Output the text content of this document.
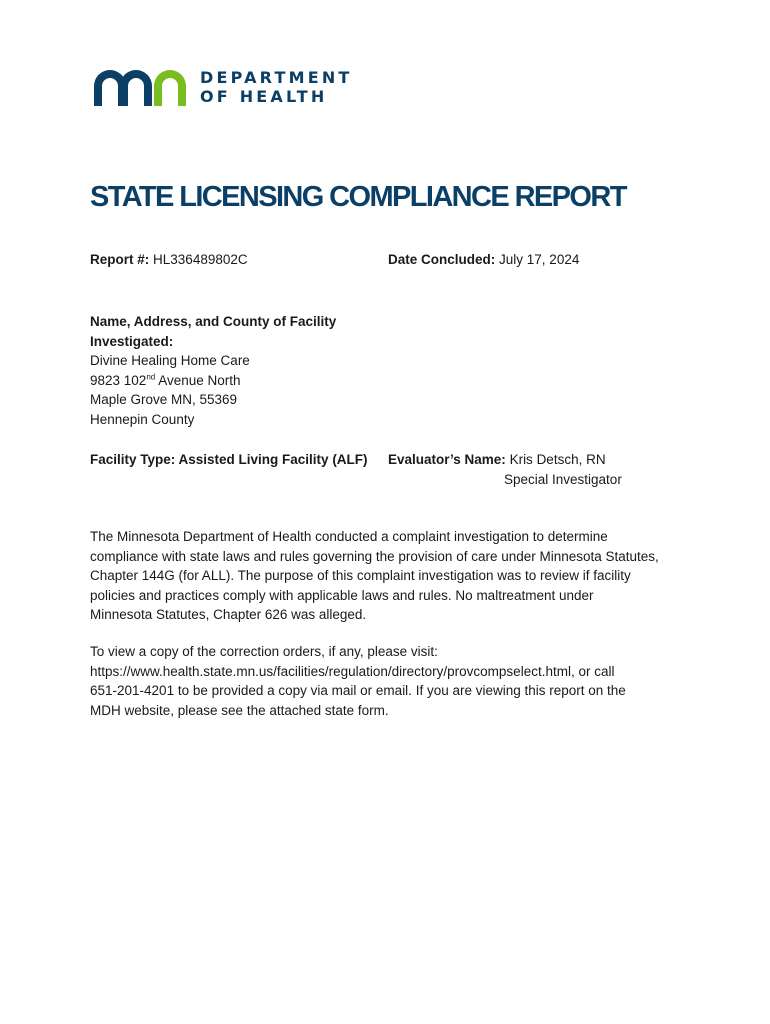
DEPARTMENT
OF HEALTH
STATE LICENSING COMPLIANCE REPORT
Report #: HL336489802C	Date Concluded: July 17, 2024
Name, Address, and County of Facility
Investigated:
Divine Healing Home Care
9823 102nd Avenue North
Maple Grove MN, 55369
Hennepin County
Facility Type: Assisted Living Facility (ALF) Evaluator’s Name: Kris Detsch, RN
Special Investigator
The Minnesota Department of Health conducted a complaint investigation to determine
compliance with state laws and rules governing the provision of care under Minnesota Statutes,
Chapter 144G (for ALL). The purpose of this complaint investigation was to review if facility
policies and practices comply with applicable laws and rules. No maltreatment under
Minnesota Statutes, Chapter 626 was alleged.
To view a copy of the correction orders, if any, please visit:
https://www.health.state.mn.us/facilities/regulation/directory/provcompselect.html, or call
651-201-4201 to be provided a copy via mail or email. If you are viewing this report on the
MDH website, please see the attached state form.
